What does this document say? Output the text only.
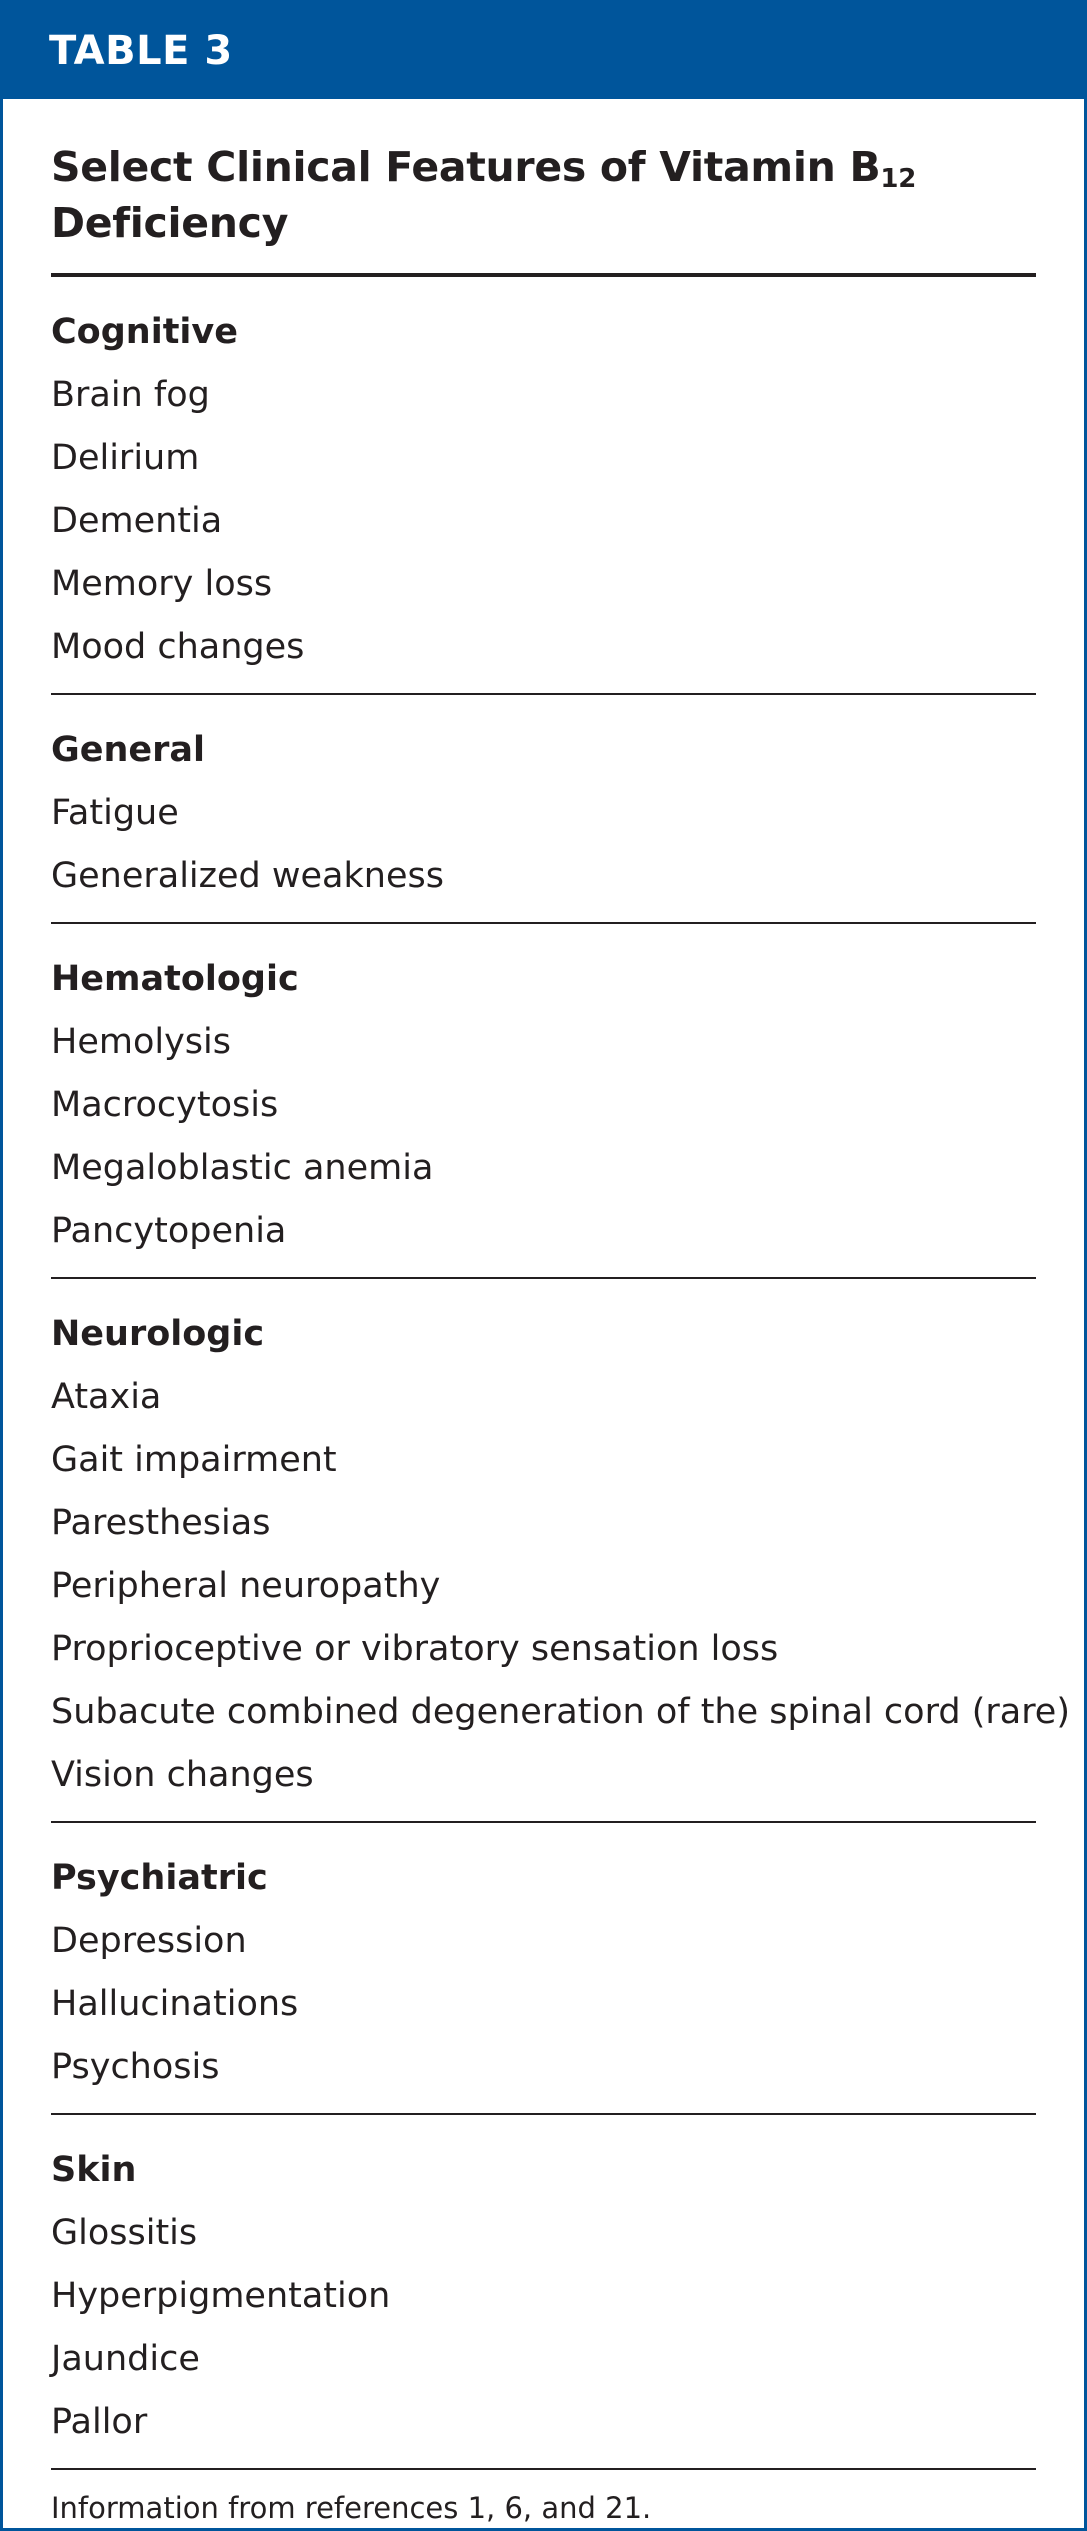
TABLE 3
Select Clinical Features of Vitamin $B_{12}$
Deficiency
Cognitive
Brain fog
Delirium
Dementia
Memory loss
Mood changes
General
Fatigue
Generalized weakness
Hematologic
Hemolysis
Macrocytosis
Megaloblastic anemia
Pancytopenia
Neurologic
Ataxia
Gait impairment
Paresthesias
Peripheral neuropathy
Proprioceptive or vibratory sensation loss
Subacute combined degeneration of the spinal cord (rare)
Vision changes
Psychiatric
Depression
Hallucinations
Psychosis
Skin
Glossitis
Hyperpigmentation
Jaundice
Pallor
Information from references 1, 6, and 21.
